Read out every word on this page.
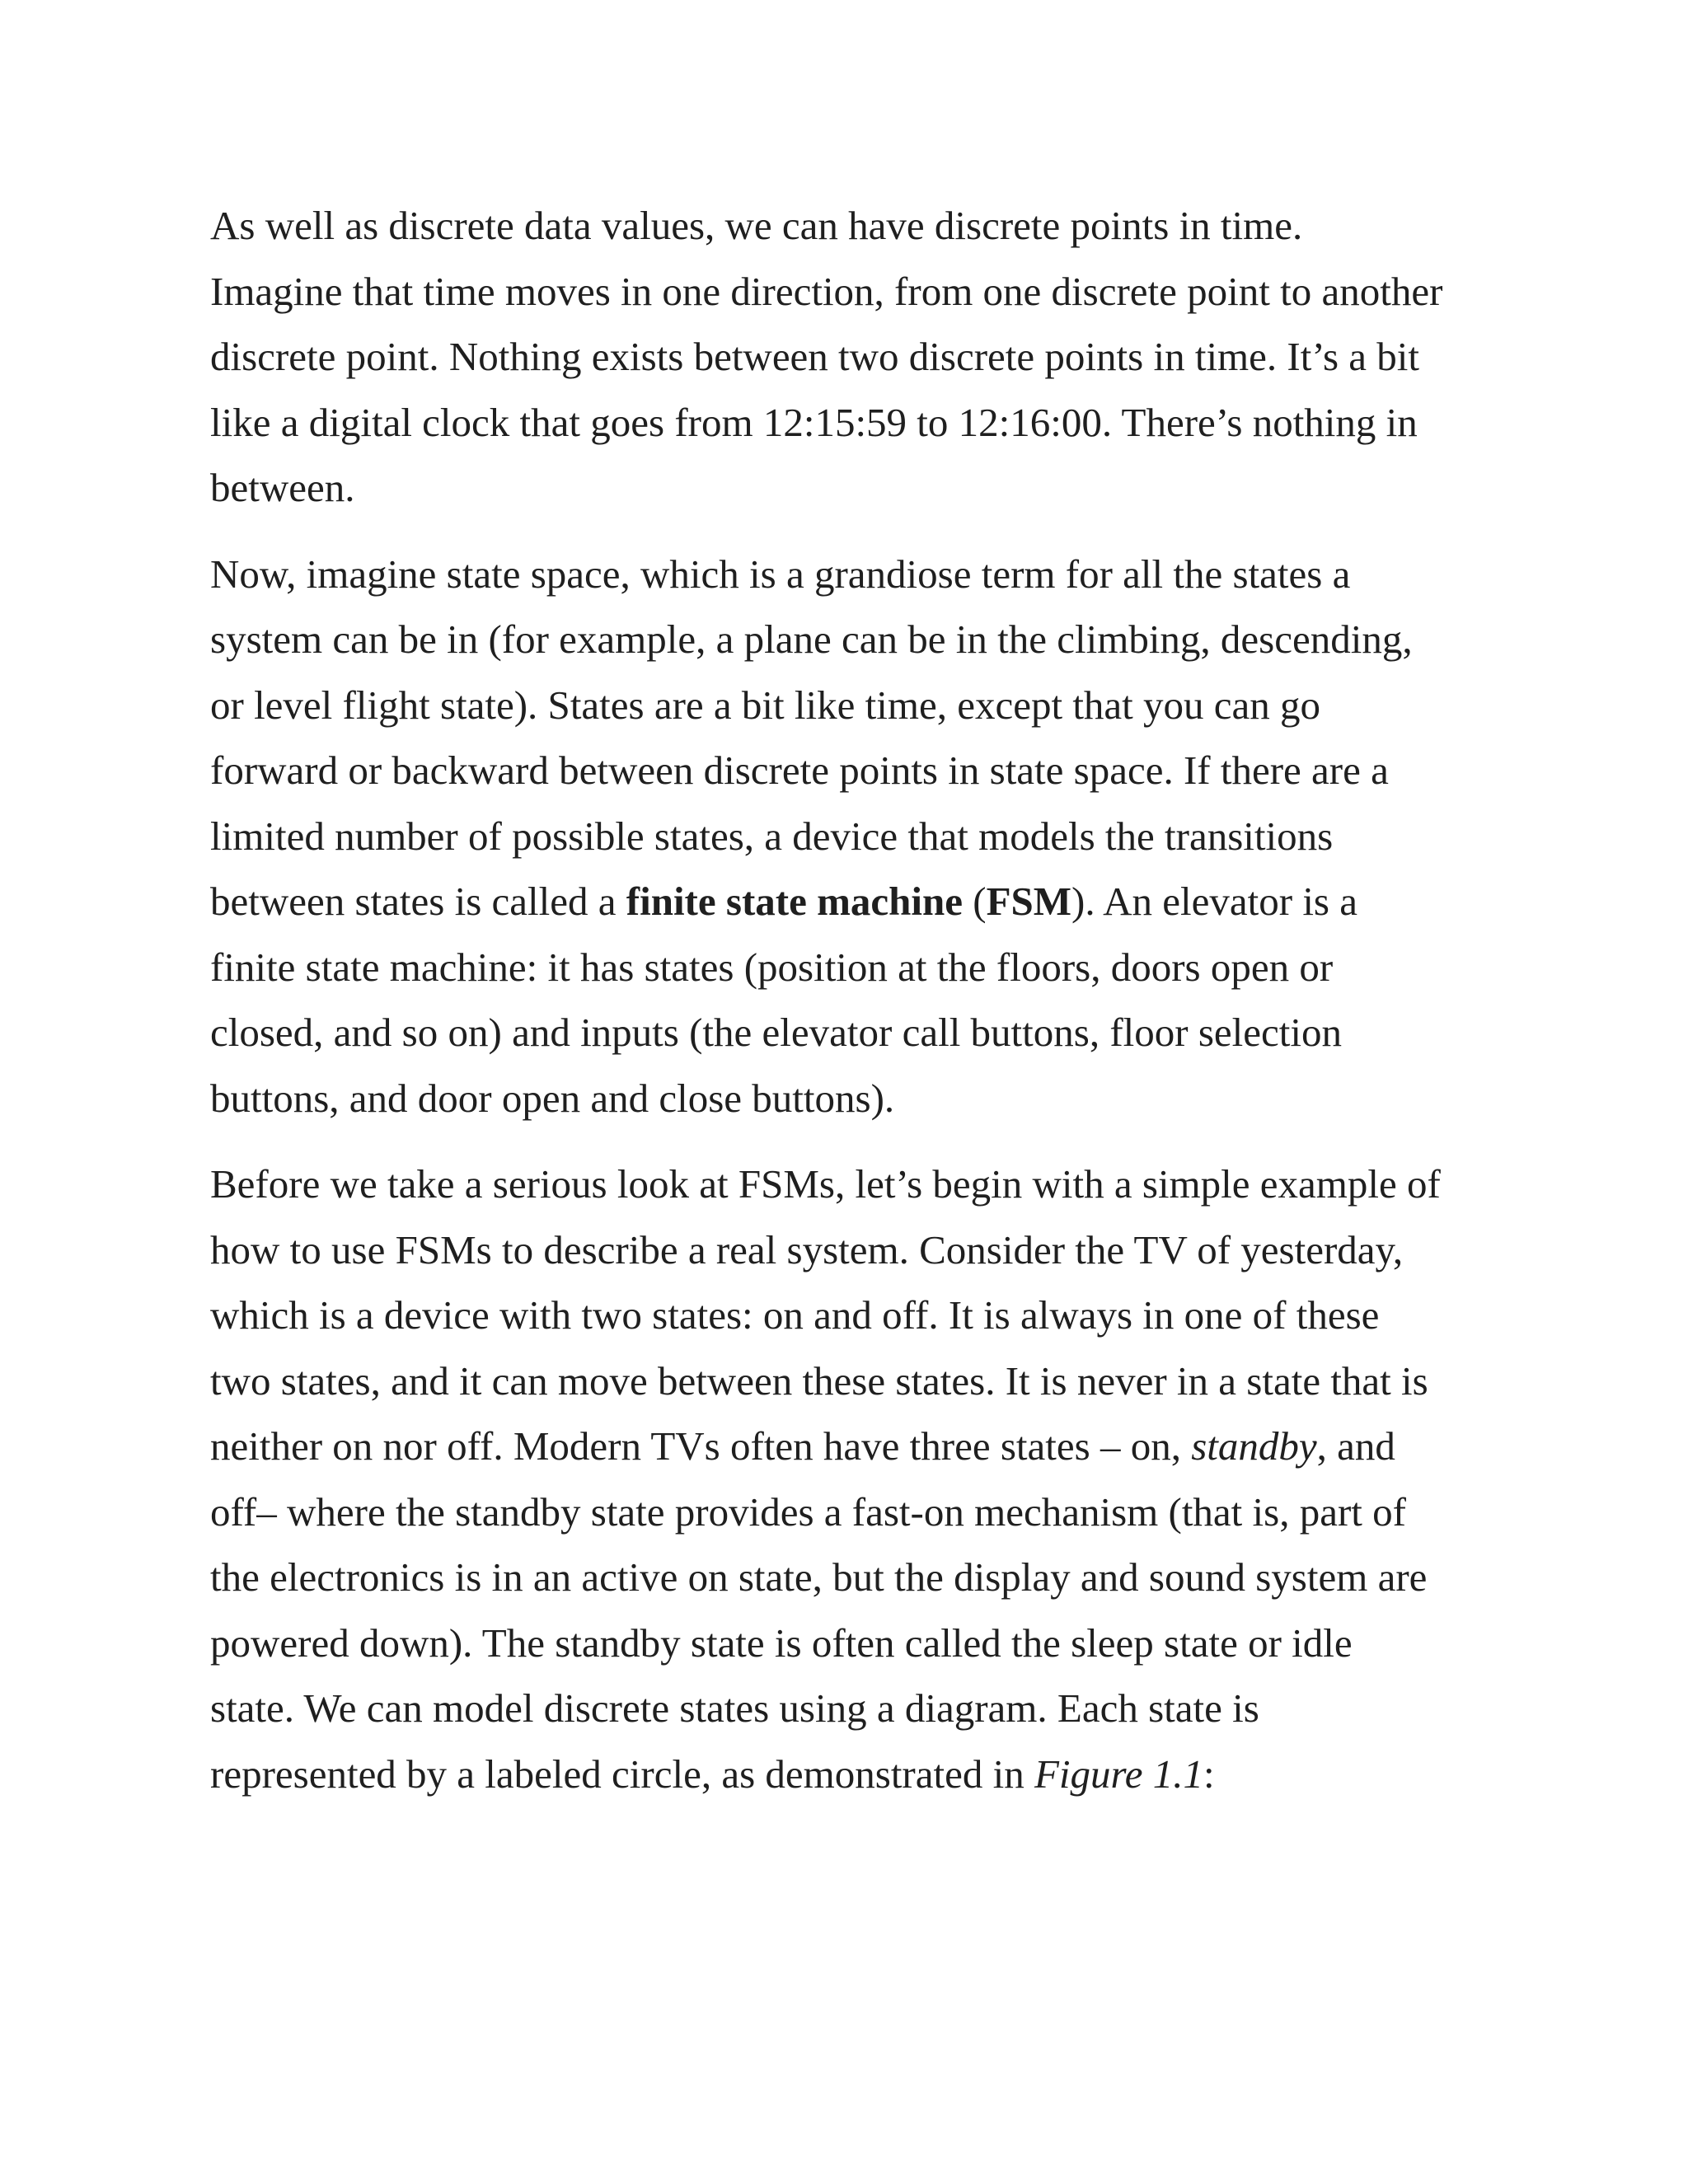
As well as discrete data values, we can have discrete points in time.
Imagine that time moves in one direction, from one discrete point to another
discrete point. Nothing exists between two discrete points in time. It’s a bit
like a digital clock that goes from 12:15:59 to 12:16:00. There’s nothing in
between.

Now, imagine state space, which is a grandiose term for all the states a
system can be in (for example, a plane can be in the climbing, descending,
or level flight state). States are a bit like time, except that you can go
forward or backward between discrete points in state space. If there are a
limited number of possible states, a device that models the transitions
between states is called a finite state machine (FSM). An elevator is a
finite state machine: it has states (position at the floors, doors open or
closed, and so on) and inputs (the elevator call buttons, floor selection
buttons, and door open and close buttons).

Before we take a serious look at FSMs, let’s begin with a simple example of
how to use FSMs to describe a real system. Consider the TV of yesterday,
which is a device with two states: on and off. It is always in one of these
two states, and it can move between these states. It is never in a state that is
neither on nor off. Modern TVs often have three states – on, standby, and
off– where the standby state provides a fast-on mechanism (that is, part of
the electronics is in an active on state, but the display and sound system are
powered down). The standby state is often called the sleep state or idle
state. We can model discrete states using a diagram. Each state is
represented by a labeled circle, as demonstrated in Figure 1.1:
